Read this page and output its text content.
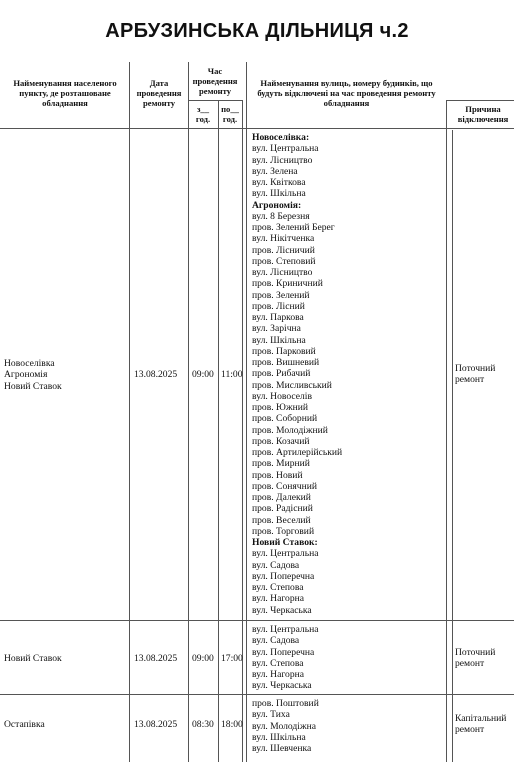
АРБУЗИНСЬКА ДІЛЬНИЦЯ ч.2
Найменування населеного пункту, де розташоване обладнання
Дата проведення ремонту
Час проведення ремонту
з__ год.
по__ год.
Найменування вулиць, номеру будинків, що будуть відключені на час проведення ремонту обладнання
Причина відключення
Новоселівка
Агрономія
Новий Ставок
13.08.2025 09:00 11:00
Поточний ремонт
Новоселівка:
вул. Центральна
вул. Лісництво
вул. Зелена
вул. Квіткова
вул. Шкільна
Агрономія:
вул. 8 Березня
пров. Зелений Берег
вул. Нікітченка
пров. Лісничий
пров. Степовий
вул. Лісництво
пров. Криничний
пров. Зелений
пров. Лісний
вул. Паркова
вул. Зарічна
вул. Шкільна
пров. Парковий
пров. Вишневий
пров. Рибачий
пров. Мисливський
вул. Новоселів
пров. Южний
пров. Соборний
пров. Молодіжний
пров. Козачий
пров. Артилерійський
пров. Мирний
пров. Новий
пров. Сонячний
пров. Далекий
пров. Радісний
пров. Веселий
пров. Торговий
Новий Ставок:
вул. Центральна
вул. Садова
вул. Поперечна
вул. Степова
вул. Нагорна
вул. Черкаська
Новий Ставок	13.08.2025 09:00 17:00
Поточний ремонт
вул. Центральна
вул. Садова
вул. Поперечна
вул. Степова
вул. Нагорна
вул. Черкаська
Остапівка	13.08.2025 08:30 18:00
Капітальний ремонт
пров. Поштовий
вул. Тиха
вул. Молодіжна
вул. Шкільна
вул. Шевченка
